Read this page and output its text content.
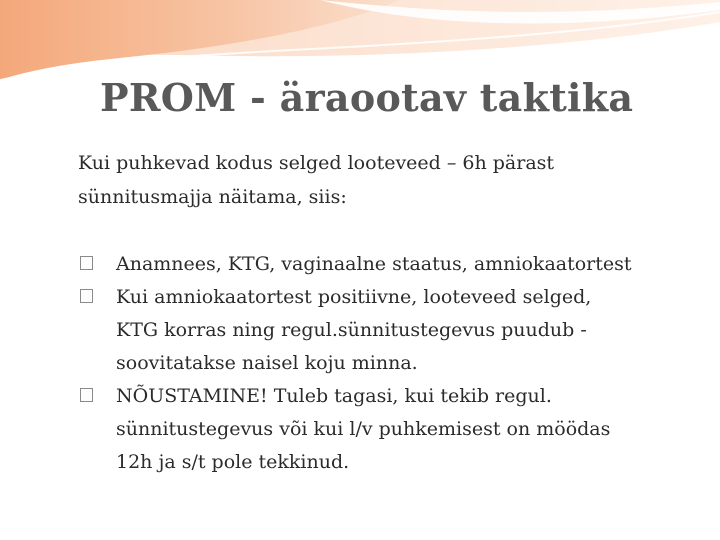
PROM - äraootav taktika
Kui puhkevad kodus selged looteveed – 6h pärast
sünnitusmajja näitama, siis:
Anamnees, KTG, vaginaalne staatus, amniokaatortest
Kui amniokaatortest positiivne, looteveed selged,
KTG korras ning regul.sünnitustegevus puudub -
soovitatakse naisel koju minna.
NÕUSTAMINE! Tuleb tagasi, kui tekib regul.
sünnitustegevus või kui l/v puhkemisest on möödas
12h ja s/t pole tekkinud.
